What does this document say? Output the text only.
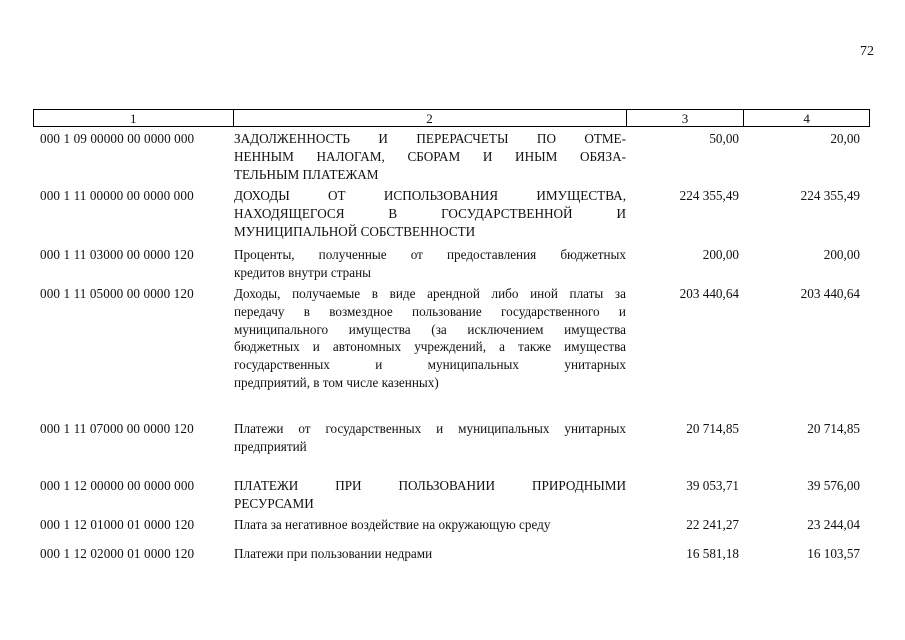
72
1	2	3	4
000 1 09 00000 00 0000 000	ЗАДОЛЖЕННОСТЬ И ПЕРЕРАСЧЕТЫ ПО ОТМЕ-
НЕННЫМ НАЛОГАМ, СБОРАМ И ИНЫМ ОБЯЗА-
ТЕЛЬНЫМ ПЛАТЕЖАМ
50,00	20,00
000 1 11 00000 00 0000 000	ДОХОДЫ ОТ ИСПОЛЬЗОВАНИЯ ИМУЩЕСТВА,
НАХОДЯЩЕГОСЯ В ГОСУДАРСТВЕННОЙ И
МУНИЦИПАЛЬНОЙ СОБСТВЕННОСТИ
224 355,49	224 355,49
000 1 11 03000 00 0000 120	Проценты, полученные от предоставления бюджетных
кредитов внутри страны
200,00	200,00
000 1 11 05000 00 0000 120	Доходы, получаемые в виде арендной либо иной платы за
передачу в возмездное пользование государственного и
муниципального имущества (за исключением имущества
бюджетных и автономных учреждений, а также имущества
государственных и муниципальных унитарных
предприятий, в том числе казенных)
203 440,64	203 440,64
000 1 11 07000 00 0000 120	Платежи от государственных и муниципальных унитарных
предприятий
20 714,85	20 714,85
000 1 12 00000 00 0000 000	ПЛАТЕЖИ ПРИ ПОЛЬЗОВАНИИ ПРИРОДНЫМИ
РЕСУРСАМИ
39 053,71	39 576,00
000 1 12 01000 01 0000 120	Плата за негативное воздействие на окружающую среду	22 241,27	23 244,04
000 1 12 02000 01 0000 120	Платежи при пользовании недрами	16 581,18	16 103,57
